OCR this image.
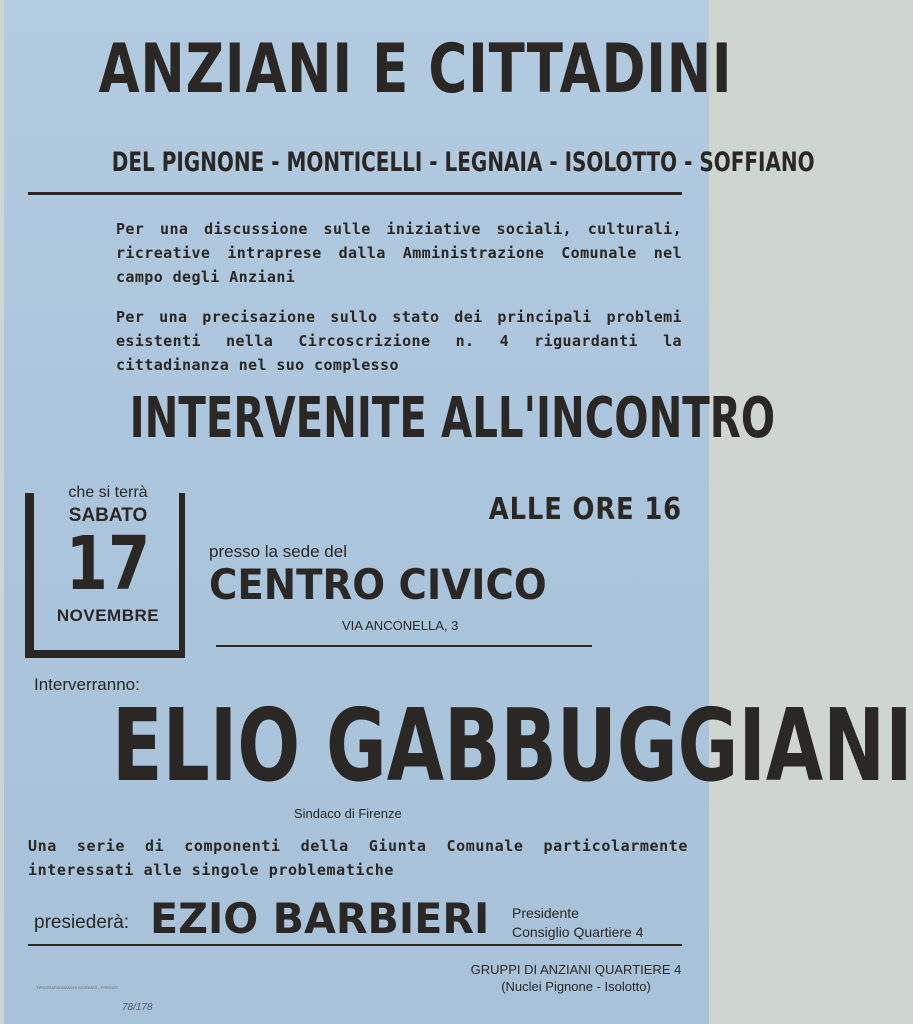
ANZIANI E CITTADINI
DEL PIGNONE - MONTICELLI - LEGNAIA - ISOLOTTO - SOFFIANO
Per una discussione sulle iniziative sociali, culturali, ricreative intraprese dalla Amministrazione Comunale nel campo degli Anziani
Per una precisazione sullo stato dei principali problemi esistenti nella Circoscrizione n. 4 riguardanti la cittadinanza nel suo complesso
INTERVENITE ALL'INCONTRO
che si terrà
SABATO
17
NOVEMBRE
ALLE ORE 16
presso la sede del
CENTRO CIVICO
VIA ANCONELLA, 3
Interverranno:
ELIO GABBUGGIANI
Sindaco di Firenze
Una serie di componenti della Giunta Comunale particolarmente interessati alle singole problematiche
presiederà: EZIO BARBIERI Presidente
Consiglio Quartiere 4
GRUPPI DI ANZIANI QUARTIERE 4
(Nuclei Pignone - Isolotto)
TIPOGRAFIA BIANCHI MORANDI - FIRENZE
78/178
